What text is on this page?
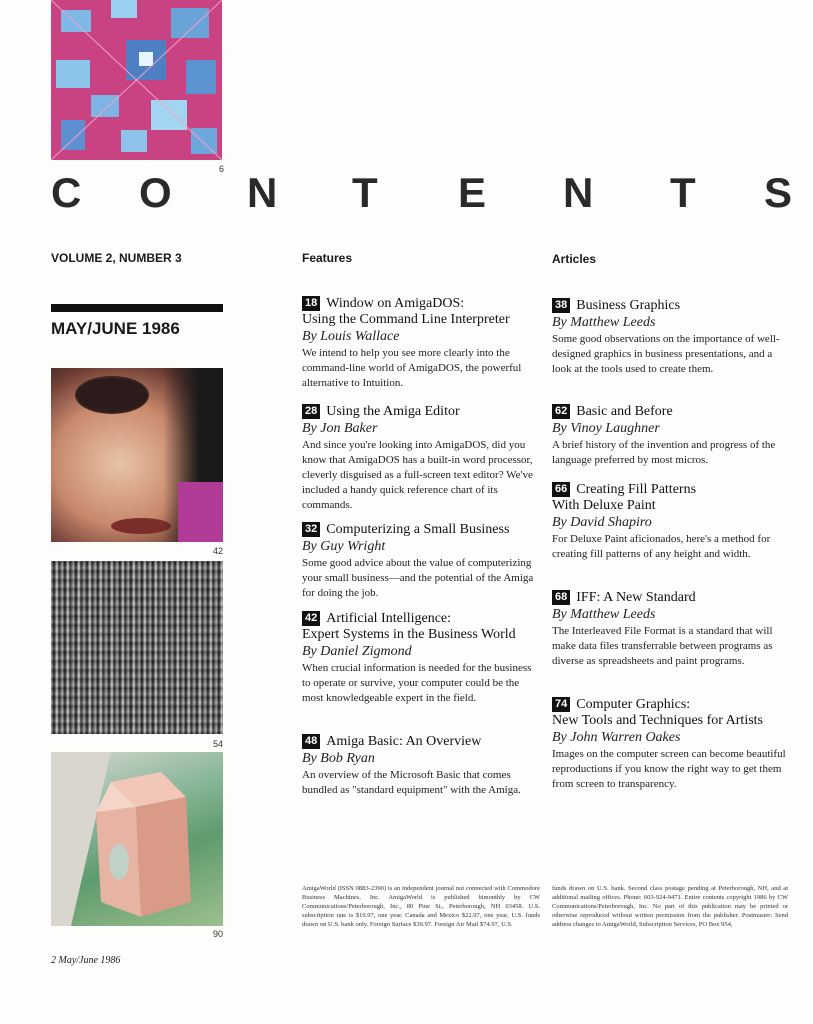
6
C O N T E N T S
VOLUME 2, NUMBER 3	Features	Articles
MAY/JUNE 1986
42
54
90
18 Window on AmigaDOS:
Using the Command Line Interpreter
By Louis Wallace
We intend to help you see more clearly into the command-line world of AmigaDOS, the powerful alternative to Intuition.
28 Using the Amiga Editor
By Jon Baker
And since you're looking into AmigaDOS, did you know that AmigaDOS has a built-in word processor, cleverly disguised as a full-screen text editor? We've included a handy quick reference chart of its commands.
32 Computerizing a Small Business
By Guy Wright
Some good advice about the value of computerizing your small business—and the potential of the Amiga for doing the job.
42 Artificial Intelligence:
Expert Systems in the Business World
By Daniel Zigmond
When crucial information is needed for the business to operate or survive, your computer could be the most knowledgeable expert in the field.
48 Amiga Basic: An Overview
By Bob Ryan
An overview of the Microsoft Basic that comes bundled as "standard equipment" with the Amiga.
38 Business Graphics
By Matthew Leeds
Some good observations on the importance of well-designed graphics in business presentations, and a look at the tools used to create them.
62 Basic and Before
By Vinoy Laughner
A brief history of the invention and progress of the language preferred by most micros.
66 Creating Fill Patterns
With Deluxe Paint
By David Shapiro
For Deluxe Paint aficionados, here's a method for creating fill patterns of any height and width.
68 IFF: A New Standard
By Matthew Leeds
The Interleaved File Format is a standard that will make data files transferrable between programs as diverse as spreadsheets and paint programs.
74 Computer Graphics:
New Tools and Techniques for Artists
By John Warren Oakes
Images on the computer screen can become beautiful reproductions if you know the right way to get them from screen to transparency.
2 May/June 1986
AmigaWorld (ISSN 0883-2390) is an independent journal not connected with Commodore Business Machines, Inc. AmigaWorld is published bimonthly by CW Communications/Peterborough, Inc., 80 Pine St., Peterborough, NH 03458. U.S. subscription rate is $19.97, one year. Canada and Mexico $22.97, one year, U.S. funds drawn on U.S. bank only. Foreign Surface $39.97. Foreign Air Mail $74.97, U.S.
funds drawn on U.S. bank. Second class postage pending at Peterborough, NH, and at additional mailing offices. Phone: 603-924-9471. Entire contents copyright 1986 by CW Communications/Peterborough, Inc. No part of this publication may be printed or otherwise reproduced without written permission from the publisher. Postmaster: Send address changes to AmigaWorld, Subscription Services, PO Box 954,
